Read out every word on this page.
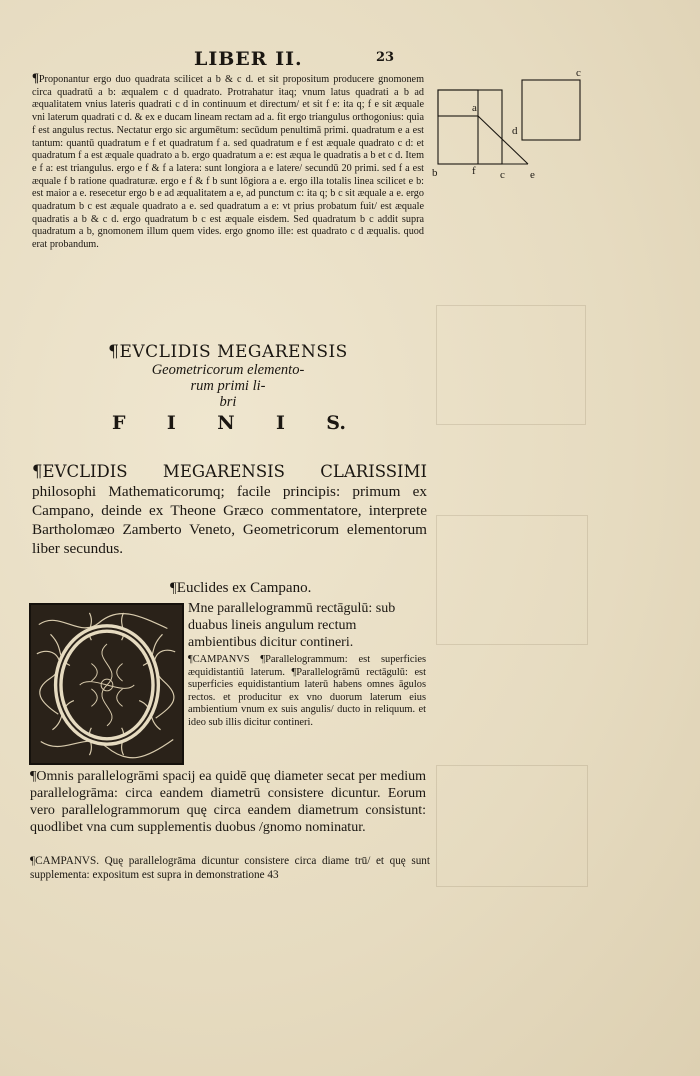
LIBER II.	23
¶Proponantur ergo duo quadrata scilicet a b & c d. et sit propositum producere gnomonem circa quadratū a b: æqualem c d quadrato. Protrahatur itaq; vnum latus quadrati a b ad æqualitatem vnius lateris quadrati c d in continuum et directum/ et sit f e: ita q; f e sit æquale vni laterum quadrati c d. & ex e ducam lineam rectam ad a. fit ergo triangulus orthogonius: quia f est angulus rectus. Nectatur ergo sic argumētum: secūdum penultimā primi. quadratum e a est tantum: quantū quadratum e f et quadratum f a. sed quadratum e f est æquale quadrato c d: et quadratum f a est æquale quadrato a b. ergo quadratum a e: est æqua le quadratis a b et c d. Item e f a: est triangulus. ergo e f & f a latera: sunt longiora a e latere/ secundū 20 primi. sed f a est æquale f b ratione quadraturæ. ergo e f & f b sunt lōgiora a e. ergo illa totalis linea scilicet e b: est maior a e. resecetur ergo b e ad æqualitatem a e, ad punctum c: ita q; b c sit æquale a e. ergo quadratum b c est æquale quadrato a e. sed quadratum a e: vt prius probatum fuit/ est æquale quadratis a b & c d. ergo quadratum b c est æquale eisdem. Sed quadratum b c addit supra quadratum a b, gnomonem illum quem vides. ergo gnomo ille: est quadrato c d æqualis. quod erat probandum.
a
b	f c e
d
c
¶EVCLIDIS MEGARENSIS
Geometricorum elemento-
rum primi li-
bri
F I N I S.
¶EVCLIDIS MEGARENSIS CLARISSIMI philosophi Mathematicorumq; facile principis: primum ex Campano, deinde ex Theone Græco commentatore, interprete Bartholomæo Zamberto Veneto, Geometricorum elementorum liber secundus.
¶Euclides ex Campano.
Mne parallelogrammū rectāgulū: sub duabus lineis angulum rectum ambientibus dicitur contineri.
¶CAMPANVS ¶Parallelogrammum: est superficies æquidistantiū laterum. ¶Parallelogrāmū rectāgulū: est superficies equidistantium laterū habens omnes āgulos rectos. et producitur ex vno duorum laterum eius ambientium vnum ex suis angulis/ ducto in reliquum. et ideo sub illis dicitur contineri.
¶Omnis parallelogrāmi spacij ea quidē quę diameter secat per medium parallelogrāma: circa eandem diametrū consistere dicuntur. Eorum vero parallelogrammorum quę circa eandem diametrum consistunt: quodlibet vna cum supplementis duobus /gnomo nominatur.
¶CAMPANVS. Quę parallelogrāma dicuntur consistere circa diame trū/ et quę sunt supplementa: expositum est supra in demonstratione 43
